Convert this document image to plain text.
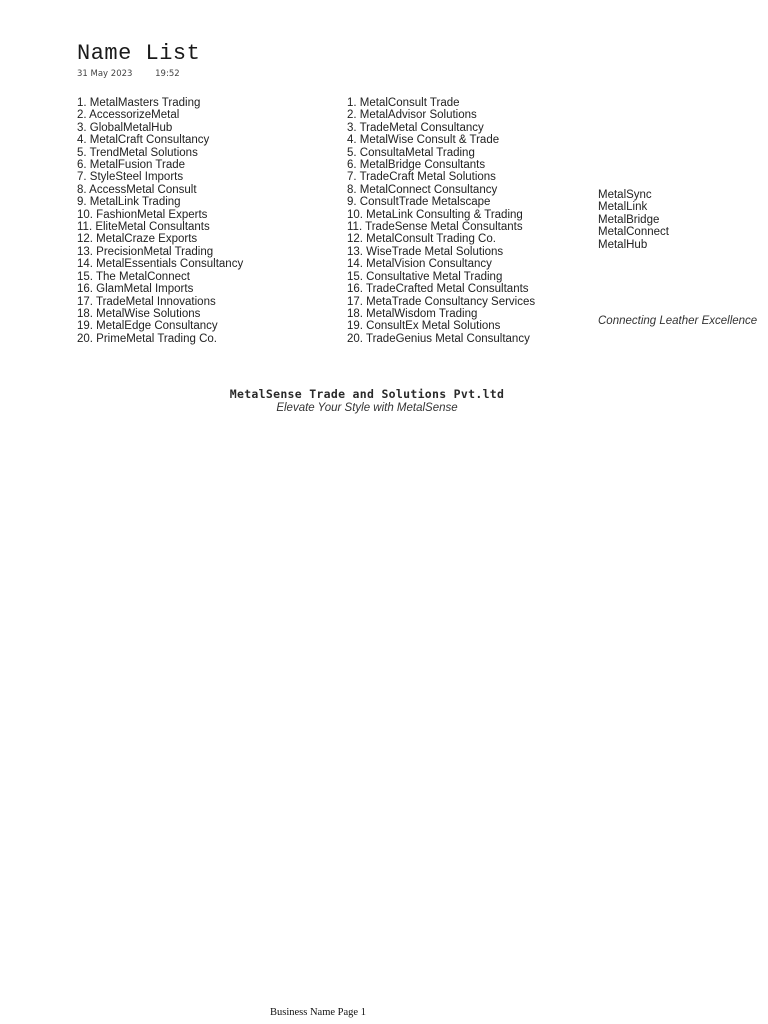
Name List
31 May 2023	19:52
1. MetalMasters Trading
2. AccessorizeMetal
3. GlobalMetalHub
4. MetalCraft Consultancy
5. TrendMetal Solutions
6. MetalFusion Trade
7. StyleSteel Imports
8. AccessMetal Consult
9. MetalLink Trading
10. FashionMetal Experts
11. EliteMetal Consultants
12. MetalCraze Exports
13. PrecisionMetal Trading
14. MetalEssentials Consultancy
15. The MetalConnect
16. GlamMetal Imports
17. TradeMetal Innovations
18. MetalWise Solutions
19. MetalEdge Consultancy
20. PrimeMetal Trading Co.
1. MetalConsult Trade
2. MetalAdvisor Solutions
3. TradeMetal Consultancy
4. MetalWise Consult & Trade
5. ConsultaMetal Trading
6. MetalBridge Consultants
7. TradeCraft Metal Solutions
8. MetalConnect Consultancy
9. ConsultTrade Metalscape
10. MetaLink Consulting & Trading
11. TradeSense Metal Consultants
12. MetalConsult Trading Co.
13. WiseTrade Metal Solutions
14. MetalVision Consultancy
15. Consultative Metal Trading
16. TradeCrafted Metal Consultants
17. MetaTrade Consultancy Services
18. MetalWisdom Trading
19. ConsultEx Metal Solutions
20. TradeGenius Metal Consultancy
MetalSync
MetalLink
MetalBridge
MetalConnect
MetalHub
Connecting Leather Excellence
MetalSense Trade and Solutions Pvt.ltd
Elevate Your Style with MetalSense
Business Name Page 1
